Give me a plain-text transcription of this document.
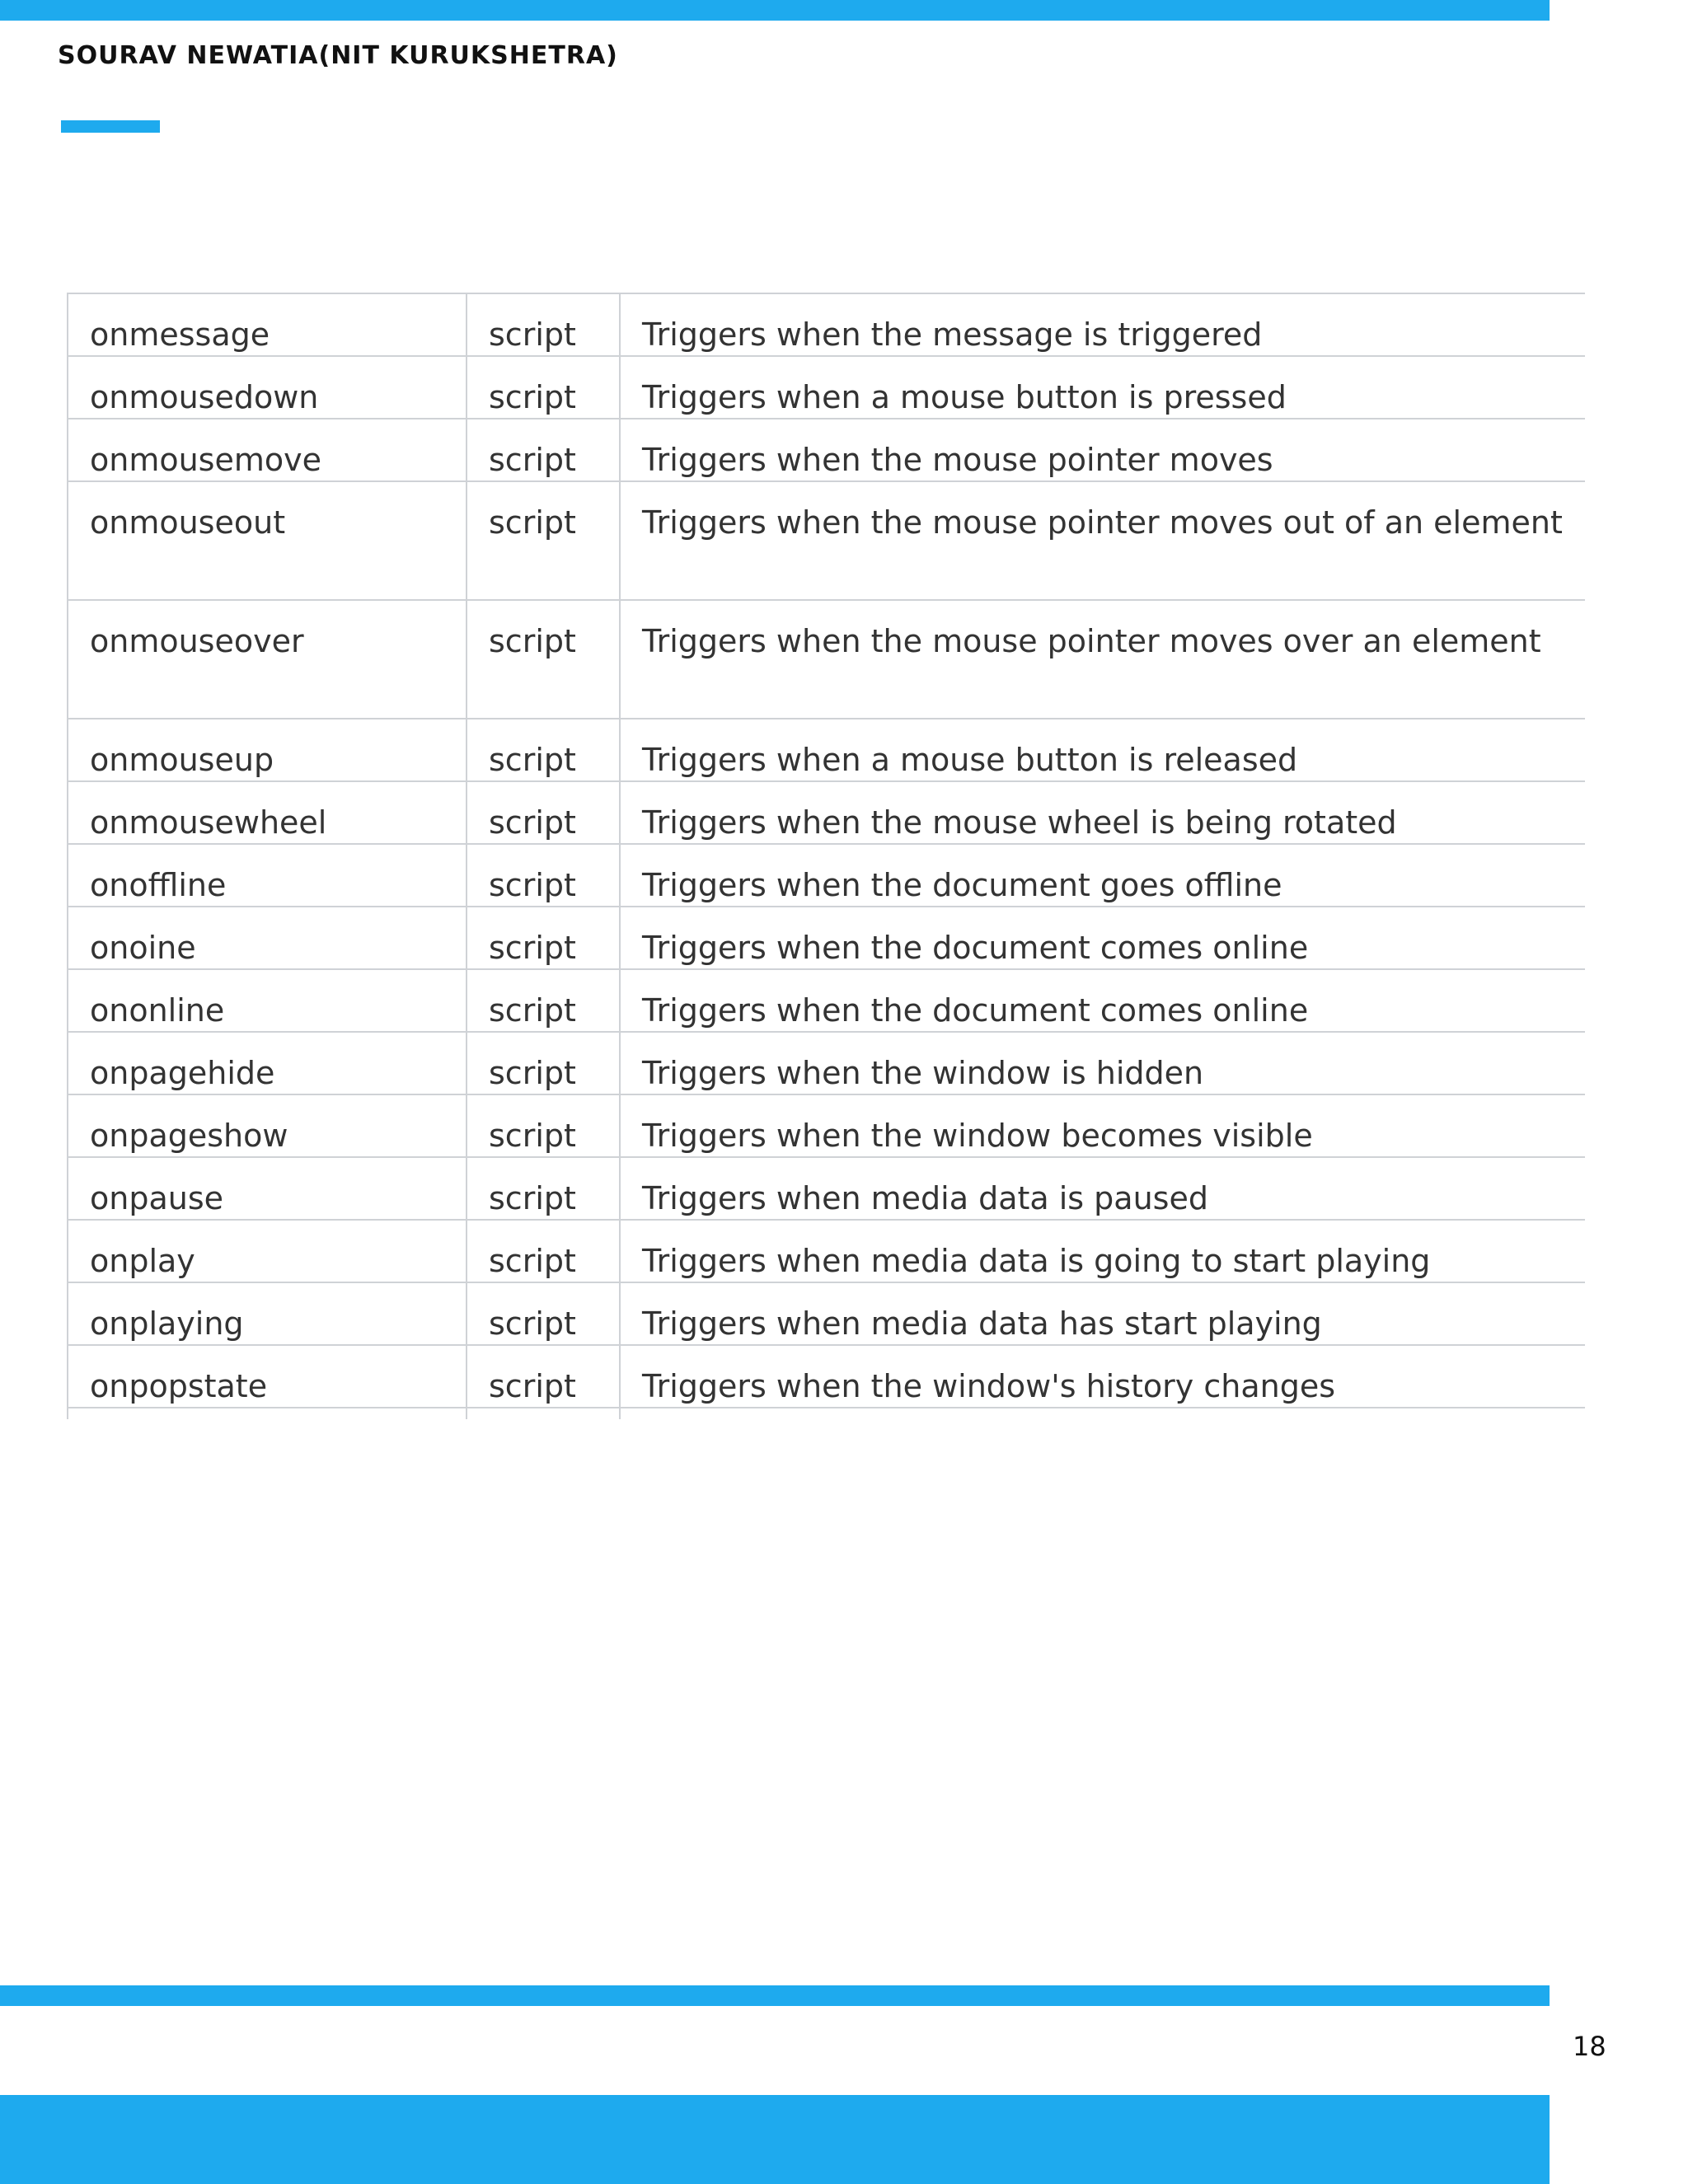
SOURAV NEWATIA(NIT KURUKSHETRA)
onmessage	script	Triggers when the message is triggered
onmousedown	script	Triggers when a mouse button is pressed
onmousemove	script	Triggers when the mouse pointer moves
onmouseout	script	Triggers when the mouse pointer moves out of an element
onmouseover	script	Triggers when the mouse pointer moves over an element
onmouseup	script	Triggers when a mouse button is released
onmousewheel	script	Triggers when the mouse wheel is being rotated
onoffline	script	Triggers when the document goes offline
onoine	script	Triggers when the document comes online
ononline	script	Triggers when the document comes online
onpagehide	script	Triggers when the window is hidden
onpageshow	script	Triggers when the window becomes visible
onpause	script	Triggers when media data is paused
onplay	script	Triggers when media data is going to start playing
onplaying	script	Triggers when media data has start playing
onpopstate	script	Triggers when the window's history changes

18
